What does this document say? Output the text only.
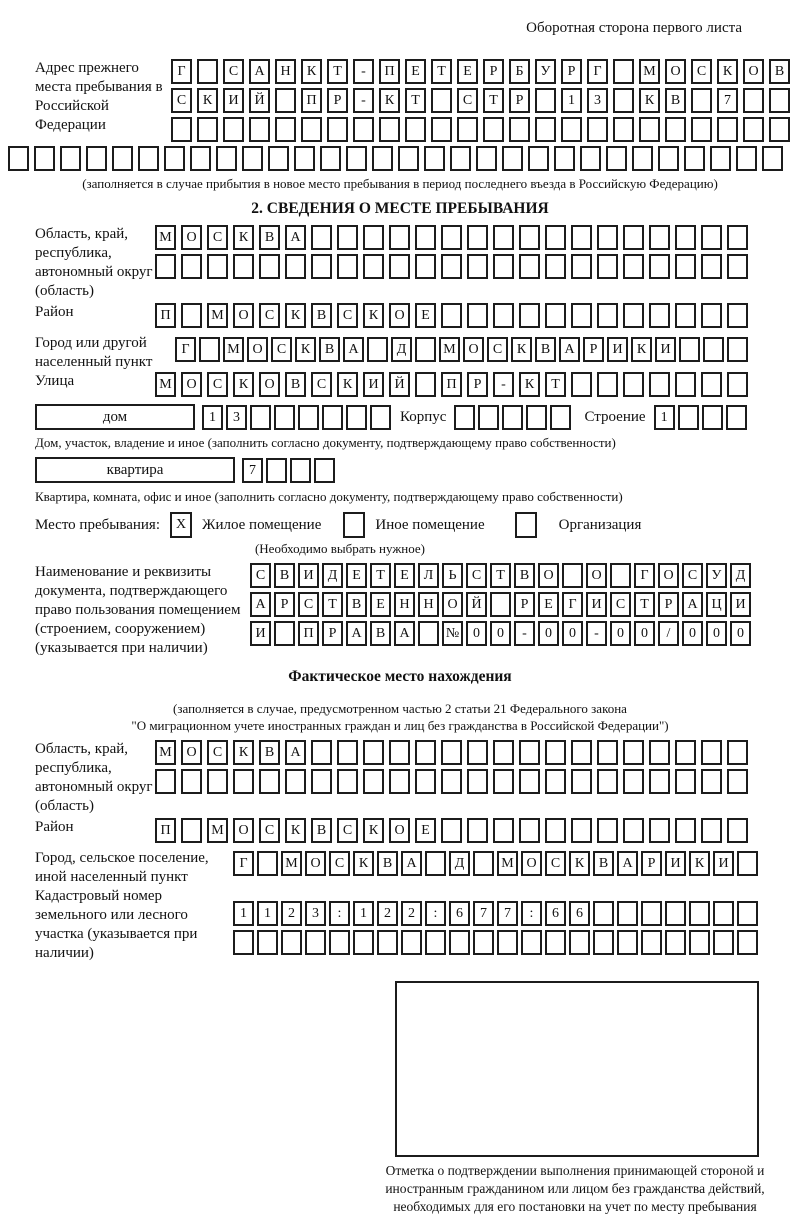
Оборотная сторона первого листа
Адрес прежнего места пребывания в Российской Федерации
Г	С	А	Н	К	Т	-	П	Е	Т	Е	Р	Б	У	Р	Г	М	О	С	К	О	В
С	К	И	Й	П	Р	-	К	Т	С	Т	Р	1	3	К	В	7
(заполняется в случае прибытия в новое место пребывания в период последнего въезда в Российскую Федерацию)
2. СВЕДЕНИЯ О МЕСТЕ ПРЕБЫВАНИЯ
Область, край, республика, автономный округ (область)
М	О	С	К	В	А
Район	П	М	О	С	К	В	С	К	О	Е
Город или другой населенный пункт
Г	М О	С	К	В	А	Д	М О	С	К	В	А	Р	И	К	И
Улица	М	О	С	К	О	В	С	К	И	Й	П	Р	-	К	Т
дом	1	3	Корпус	Строение	1
Дом, участок, владение и иное (заполнить согласно документу, подтверждающему право собственности)
квартира	7
Квартира, комната, офис и иное (заполнить согласно документу, подтверждающему право собственности)
Место пребывания:	X	Жилое помещение	Иное помещение	Организация
(Необходимо выбрать нужное)
Наименование и реквизиты документа, подтверждающего право пользования помещением (строением, сооружением) (указывается при наличии)
С	В	И	Д	Е	Т	Е	Л	Ь	С	Т	В	О	О	Г	О	С	У	Д
А	Р	С	Т	В	Е	Н Н О Й	Р	Е	Г	И	С	Т	Р	А Ц И
И	П	Р	А	В	А	№ 0	0	-	0	0	-	0	0	/	0	0	0
Фактическое место нахождения
(заполняется в случае, предусмотренном частью 2 статьи 21 Федерального закона
"О миграционном учете иностранных граждан и лиц без гражданства в Российской Федерации")
Область, край, республика, автономный округ (область)
М	О	С	К	В	А
Район	П	М	О	С	К	В	С	К	О	Е
Город, сельское поселение, иной населенный пункт
Г	М О	С	К	В	А	Д	М О	С	К	В	А	Р	И	К	И
Кадастровый номер земельного или лесного участка (указывается при наличии)
1	1	2	3	:	1	2	2	:	6	7	7	:	6	6
Отметка о подтверждении выполнения принимающей стороной и иностранным гражданином или лицом без гражданства действий, необходимых для его постановки на учет по месту пребывания
